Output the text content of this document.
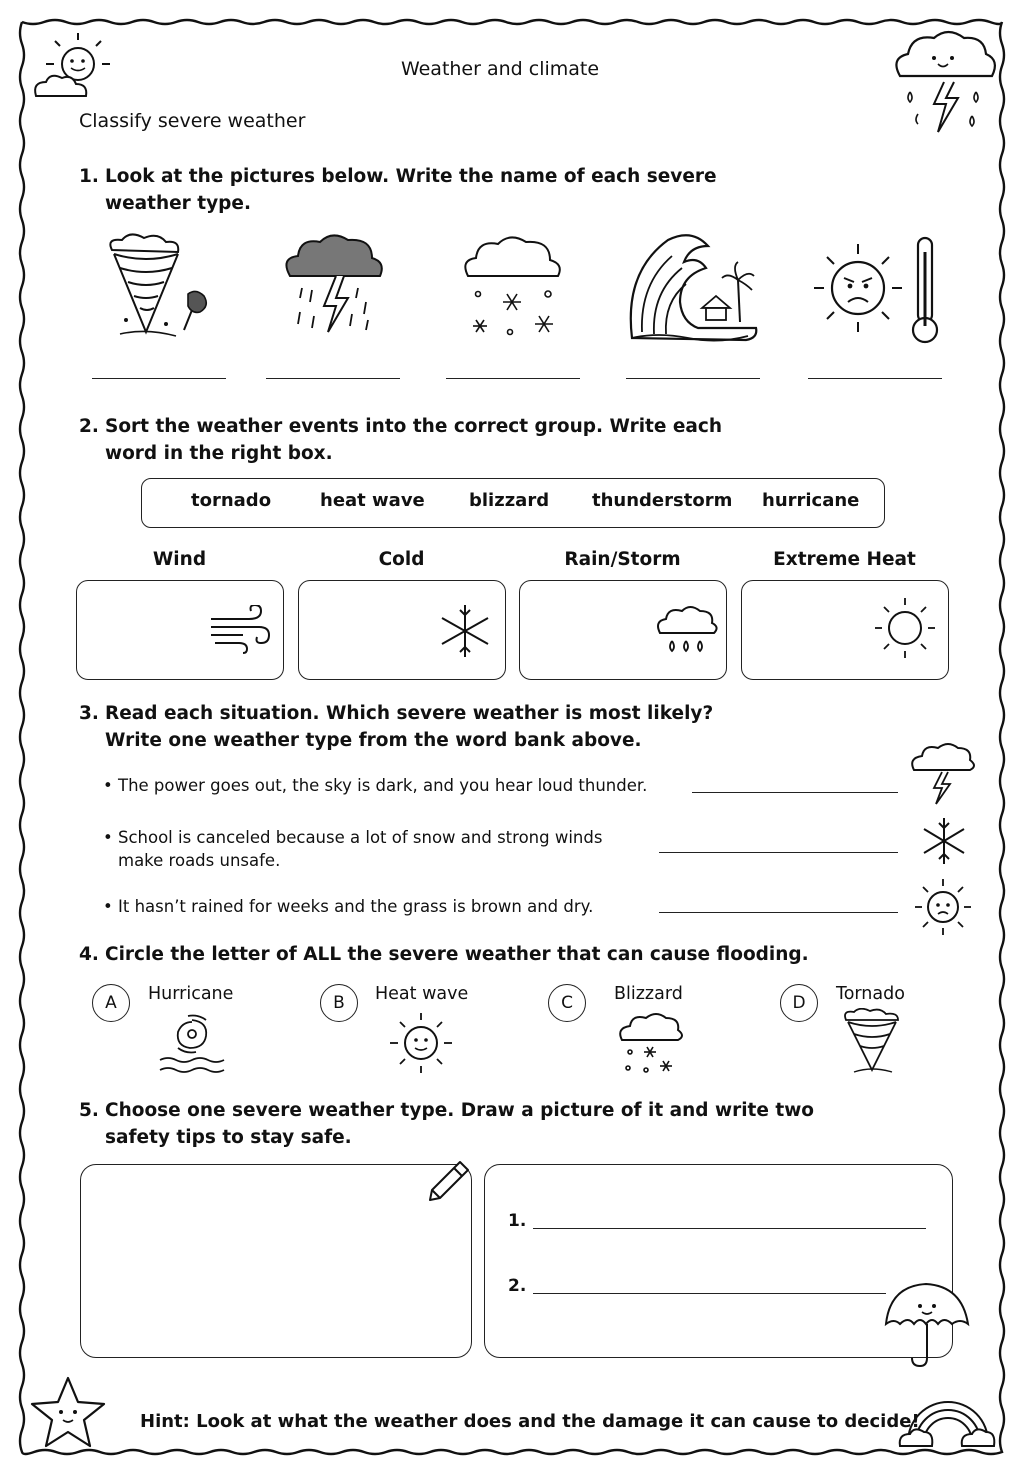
Weather and climate
Classify severe weather
1. Look at the pictures below. Write the name of each severe
weather type.
2. Sort the weather events into the correct group. Write each
word in the right box.
tornado	heat wave blizzard thunderstorm hurricane
Wind	Cold	Rain/Storm	Extreme Heat
3. Read each situation. Which severe weather is most likely?
Write one weather type from the word bank above.
• The power goes out, the sky is dark, and you hear loud thunder.
• School is canceled because a lot of snow and strong winds
make roads unsafe.
• It hasn’t rained for weeks and the grass is brown and dry.
4. Circle the letter of ALL the severe weather that can cause flooding.
A	Hurricane	B	Heat wave	C	Blizzard	D	Tornado
5. Choose one severe weather type. Draw a picture of it and write two
safety tips to stay safe.
1.
2.
Hint: Look at what the weather does and the damage it can cause to decide!
